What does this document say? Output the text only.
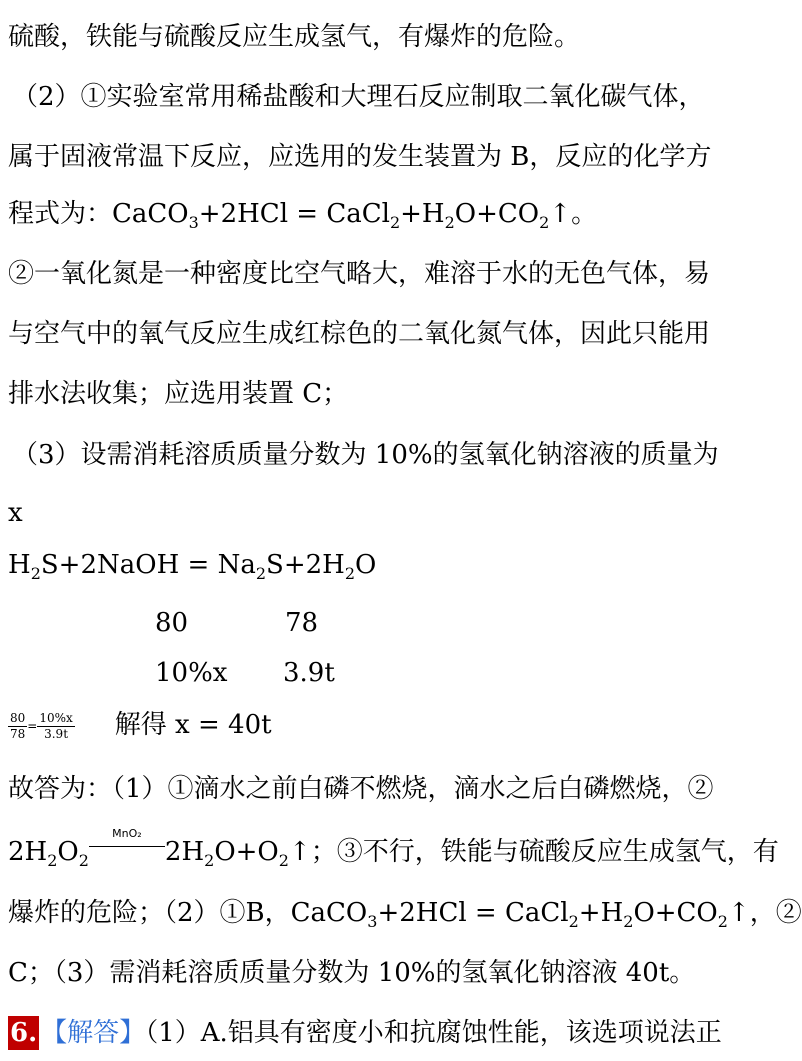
硫酸，铁能与硫酸反应生成氢气，有爆炸的危险。
（2）①实验室常用稀盐酸和大理石反应制取二氧化碳气体，
属于固液常温下反应，应选用的发生装置为 B，反应的化学方
程式为：CaCO$_3$+2HCl = $CaCl_2+H_2O+CO_2↑$。
②一氧化氮是一种密度比空气略大，难溶于水的无色气体，易
与空气中的氧气反应生成红棕色的二氧化氮气体，因此只能用
排水法收集；应选用装置 C；
（3）设需消耗溶质质量分数为 10%的氢氧化钠溶液的质量为
x
$H_2S+2NaOH = Na_2S+2H_2O$
80	78
10%x 3.9t
$\frac{80}{78} = \frac{10\%x}{3.9t}$ 解得 x = 40t
故答为：（1）①滴水之前白磷不燃烧，滴水之后白磷燃烧，②
$2H_2O_2$
MnO₂
$2H_2O+O_2↑$；③不行，铁能与硫酸反应生成氢气，有
爆炸的危险；（2）①B，CaCO$_3$+2HCl = $CaCl_2+H_2O+CO_2↑$，②
C；（3）需消耗溶质质量分数为 10%的氢氧化钠溶液 40t。
6. 【解答】（1）A.铝具有密度小和抗腐蚀性能，该选项说法正
